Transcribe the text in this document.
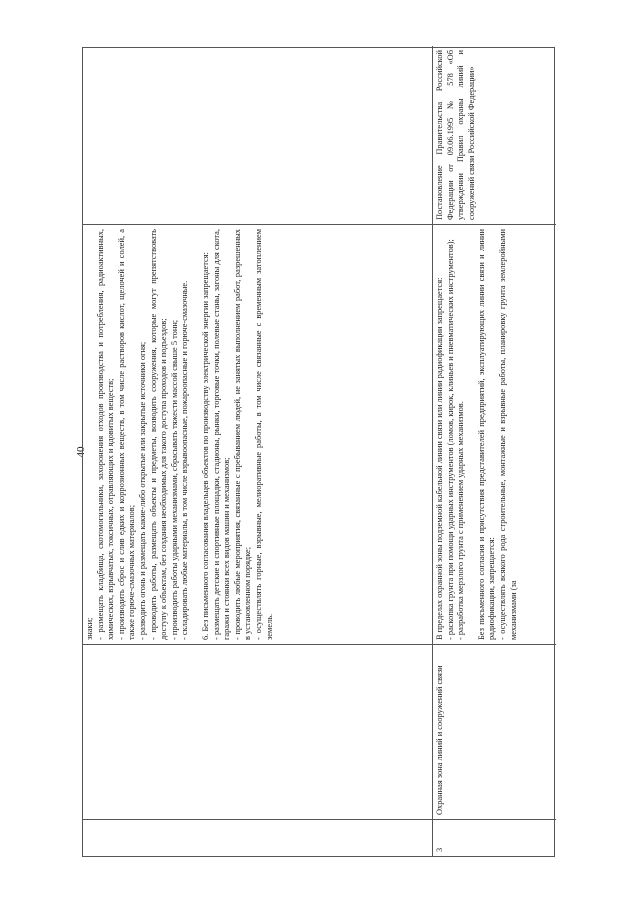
40
знаки; - размещать кладбища, скотомогильники, захоронения отходов производства и потребления, радиоактивных, химических, взрывчатых, токсичных, отравляющих и ядовитых веществ; - производить сброс и слив едких и коррозионных веществ, в том числе растворов кислот, щелочей и солей, а также горюче-смазочных материалов; - разводить огонь и размещать какие-либо открытые или закрытые источники огня; - проводить работы, размещать объекты и предметы, возводить сооружения, которые могут препятствовать доступу к объектам, без создания необходимых для такого доступа проходов и подъездов; - производить работы ударными механизмами, сбрасывать тяжести массой свыше 5 тонн; - складировать любые материалы, в том числе взрывоопасные, пожароопасные и горюче-смазочные. 6. Без письменного согласования владельцев объектов по производству электрической энергии запрещается: - размещать детские и спортивные площадки, стадионы, рынки, торговые точки, полевые станы, загоны для скота, гаражи и стоянки всех видов машин и механизмов; - проводить любые мероприятия, связанные с пребыванием людей, не занятых выполнением работ, разрешенных в установленном порядке; - осуществлять горные, взрывные, мелиоративные работы, в том числе связанные с временным затоплением земель.
3
Охранная зона линий и сооружений связи
В пределах охранной зоны подземной кабельной линии связи или линии радиофикации запрещается: - раскопка грунта при помощи ударных инструментов (ломов, кирок, клиньев и пневматических инструментов); - разработка мерзлого грунта с применением ударных механизмов. Без письменного согласия и присутствия представителей предприятий, эксплуатирующих линии связи и линии радиофикации, запрещается: - осуществлять всякого рода строительные, монтажные и взрывные работы, планировку грунта землеройными механизмами (за
Постановление Правительства Российской Федерации от 09.06.1995 № 578 «Об утверждении Правил охраны линий и сооружений связи Российской Федерации»
